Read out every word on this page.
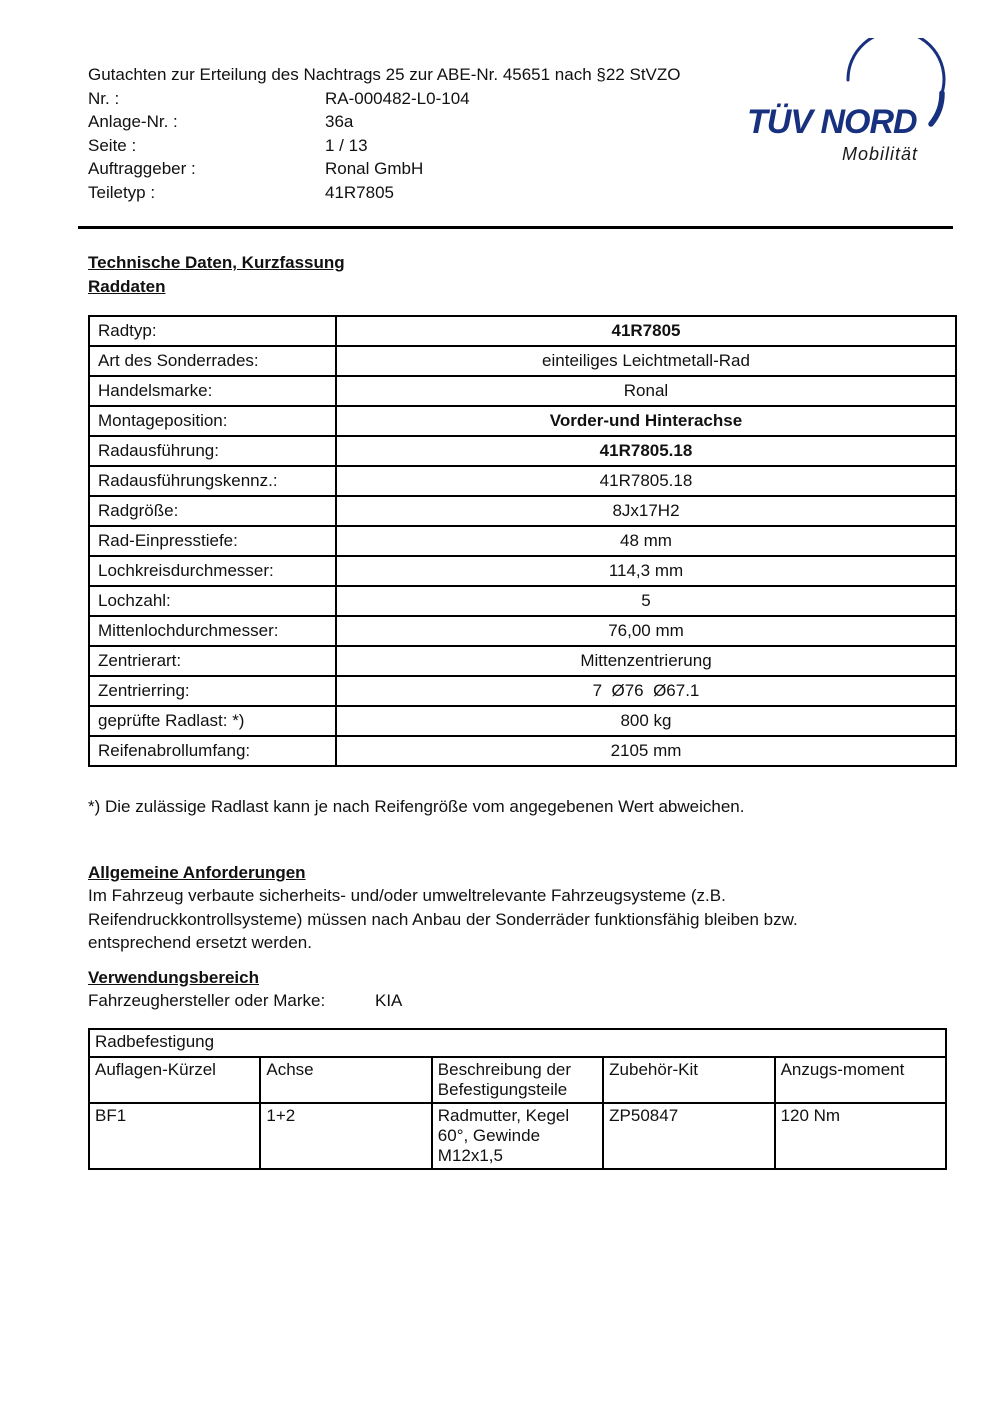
Gutachten zur Erteilung des Nachtrags 25 zur ABE-Nr. 45651 nach §22 StVZO
Nr. :	RA-000482-L0-104
Anlage-Nr. :	36a
Seite :	1 / 13
Auftraggeber :	Ronal GmbH
Teiletyp :	41R7805
TÜV NORD
Mobilität
Technische Daten, Kurzfassung
Raddaten
Radtyp:	41R7805
Art des Sonderrades:	einteiliges Leichtmetall-Rad
Handelsmarke:	Ronal
Montageposition:	Vorder-und Hinterachse
Radausführung:	41R7805.18
Radausführungskennz.:	41R7805.18
Radgröße:	8Jx17H2
Rad-Einpresstiefe:	48 mm
Lochkreisdurchmesser:	114,3 mm
Lochzahl:	5
Mittenlochdurchmesser:	76,00 mm
Zentrierart:	Mittenzentrierung
Zentrierring:	7  Ø76  Ø67.1
geprüfte Radlast: *)	800 kg
Reifenabrollumfang:	2105 mm
*) Die zulässige Radlast kann je nach Reifengröße vom angegebenen Wert abweichen.
Allgemeine Anforderungen
Im Fahrzeug verbaute sicherheits- und/oder umweltrelevante Fahrzeugsysteme (z.B.
Reifendruckkontrollsysteme) müssen nach Anbau der Sonderräder funktionsfähig bleiben bzw.
entsprechend ersetzt werden.
Verwendungsbereich
Fahrzeughersteller oder Marke:	KIA
Radbefestigung				
Auflagen-Kürzel	Achse	Beschreibung der Befestigungsteile	Zubehör-Kit	Anzugs-moment
BF1	1+2	Radmutter, Kegel 60°, Gewinde M12x1,5	ZP50847	120 Nm
